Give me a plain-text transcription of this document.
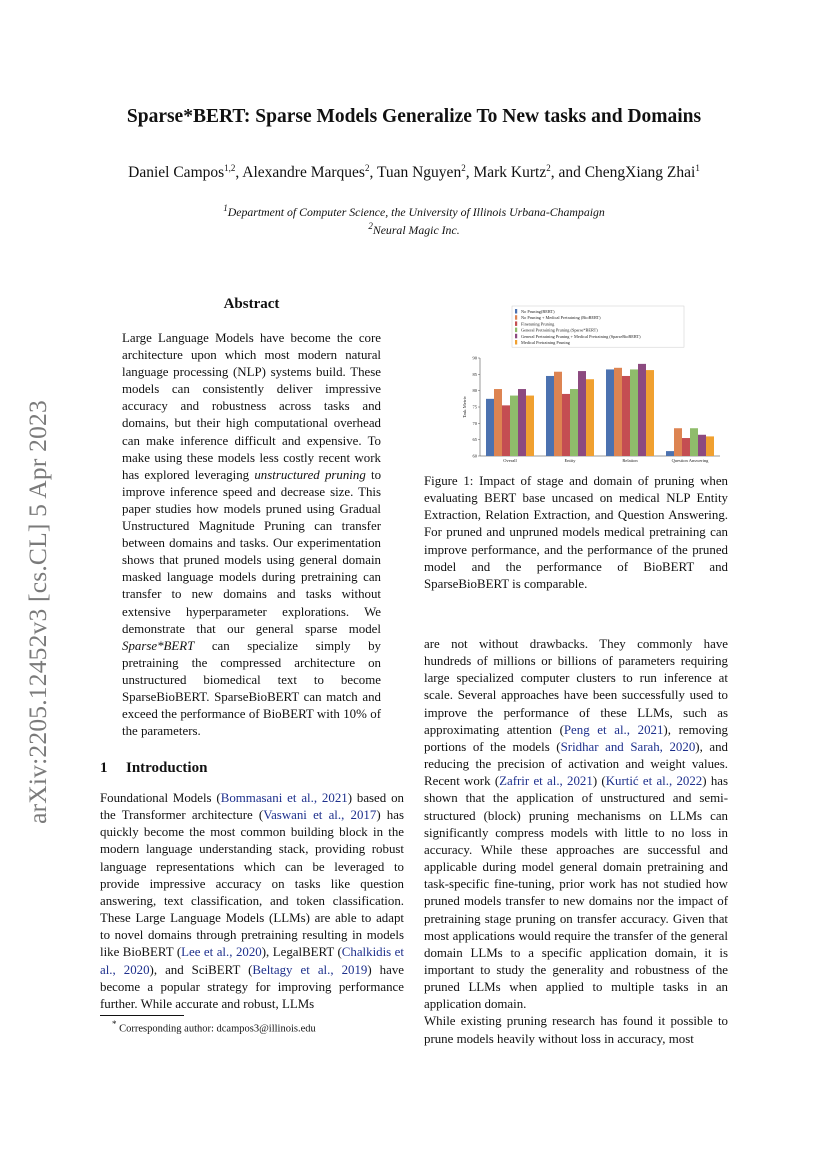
arXiv:2205.12452v3 [cs.CL] 5 Apr 2023
Sparse*BERT: Sparse Models Generalize To New tasks and Domains
Daniel Campos$^{1,2}$, Alexandre Marques$^2$, Tuan Nguyen$^2$, Mark Kurtz$^2$, and ChengXiang Zhai$^1$
$^1$Department of Computer Science, the University of Illinois Urbana-Champaign
$^2$Neural Magic Inc.
Abstract
Large Language Models have become the core architecture upon which most modern natural language processing (NLP) systems build. These models can consistently deliver impressive accuracy and robustness across tasks and domains, but their high computational overhead can make inference difficult and expensive. To make using these models less costly recent work has explored leveraging unstructured pruning to improve inference speed and decrease size. This paper studies how models pruned using Gradual Unstructured Magnitude Pruning can transfer between domains and tasks. Our experimentation shows that pruned models using general domain masked language models during pretraining can transfer to new domains and tasks without extensive hyperparameter explorations. We demonstrate that our general sparse model Sparse*BERT can specialize simply by pretraining the compressed architecture on unstructured biomedical text to become SparseBioBERT. SparseBioBERT can match and exceed the performance of BioBERT with 10% of the parameters.
1 Introduction
Foundational Models (Bommasani et al., 2021) based on the Transformer architecture (Vaswani et al., 2017) has quickly become the most common building block in the modern language understanding stack, providing robust language representations which can be leveraged to provide impressive accuracy on tasks like question answering, text classification, and token classification. These Large Language Models (LLMs) are able to adapt to novel domains through pretraining resulting in models like BioBERT (Lee et al., 2020), LegalBERT (Chalkidis et al., 2020), and SciBERT (Beltagy et al., 2019) have become a popular strategy for improving performance further. While accurate and robust, LLMs
* Corresponding author: dcampos3@illinois.edu
No Pruning(BERT)
No Pruning + Medical Pretraining (BioBERT)
Finetuning Pruning
General Pretraining Pruning (Sparse*BERT)
General Pretraining Pruning + Medical Pretraining (SparseBioBERT)
Medical Pretraining Pruning
60
65
70
75
80
85
90
Task Metric
Overall	Entity	Relation	Question Answering
Figure 1: Impact of stage and domain of pruning when evaluating BERT base uncased on medical NLP Entity Extraction, Relation Extraction, and Question Answering. For pruned and unpruned models medical pretraining can improve performance, and the performance of the pruned model and the performance of BioBERT and SparseBioBERT is comparable.
are not without drawbacks. They commonly have hundreds of millions or billions of parameters requiring large specialized computer clusters to run inference at scale. Several approaches have been successfully used to improve the performance of these LLMs, such as approximating attention (Peng et al., 2021), removing portions of the models (Sridhar and Sarah, 2020), and reducing the precision of activation and weight values. Recent work (Zafrir et al., 2021) (Kurtić et al., 2022) has shown that the application of unstructured and semi-structured (block) pruning mechanisms on LLMs can significantly compress models with little to no loss in accuracy. While these approaches are successful and applicable during model general domain pretraining and task-specific fine-tuning, prior work has not studied how pruned models transfer to new domains nor the impact of pretraining stage pruning on transfer accuracy. Given that most applications would require the transfer of the general domain LLMs to a specific application domain, it is important to study the generality and robustness of the pruned LLMs when applied to multiple tasks in an application domain.
While existing pruning research has found it possible to prune models heavily without loss in accuracy, most
